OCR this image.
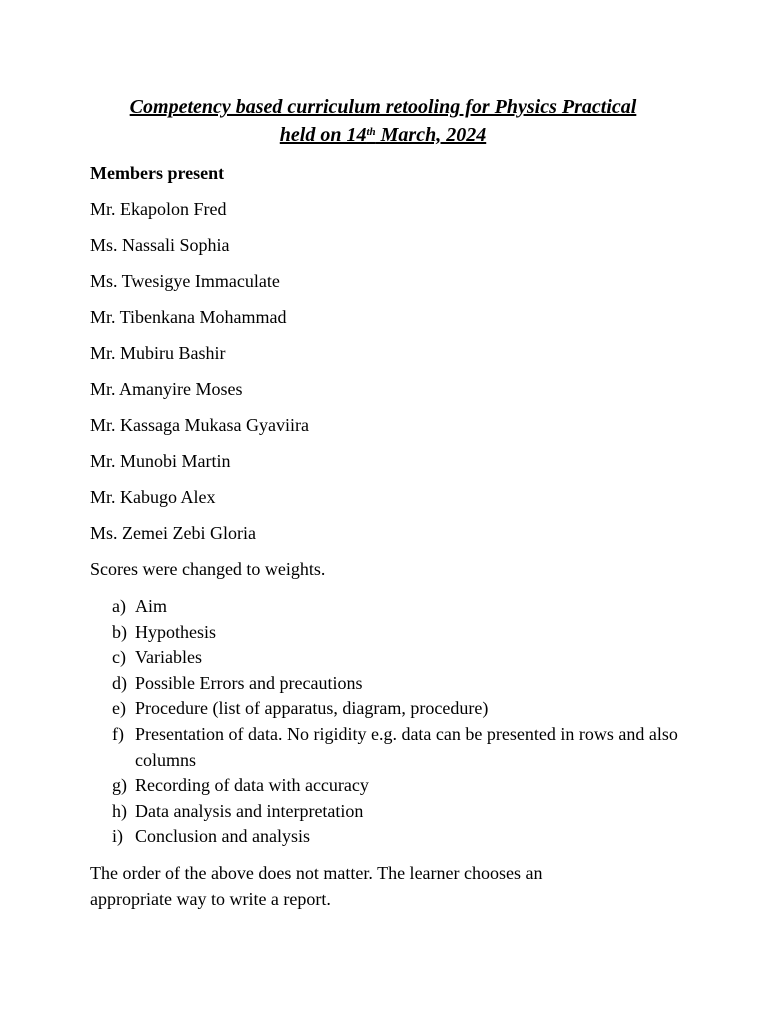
Competency based curriculum retooling for Physics Practical
held on 14th March, 2024
Members present
Mr. Ekapolon Fred
Ms. Nassali Sophia
Ms. Twesigye Immaculate
Mr. Tibenkana Mohammad
Mr. Mubiru Bashir
Mr. Amanyire Moses
Mr. Kassaga Mukasa Gyaviira
Mr. Munobi Martin
Mr. Kabugo Alex
Ms. Zemei Zebi Gloria
Scores were changed to weights.
a) Aim
b) Hypothesis
c) Variables
d) Possible Errors and precautions
e) Procedure (list of apparatus, diagram, procedure)
f) Presentation of data. No rigidity e.g. data can be presented in rows and also columns
g) Recording of data with accuracy
h) Data analysis and interpretation
i) Conclusion and analysis
The order of the above does not matter. The learner chooses an
appropriate way to write a report.
